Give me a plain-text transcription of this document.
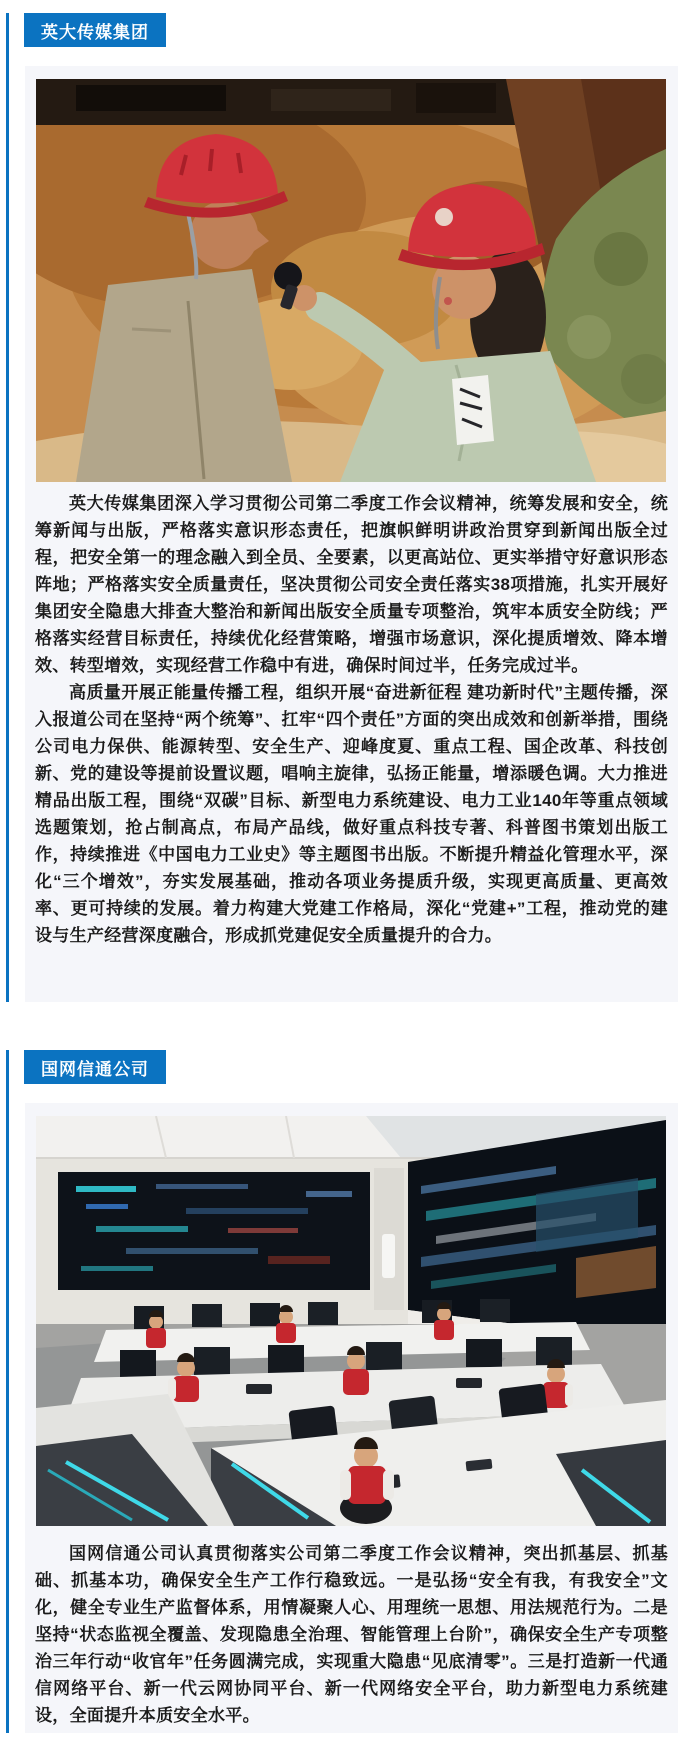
英大传媒集团

英大传媒集团深入学习贯彻公司第二季度工作会议精神，统筹发展和安全，统筹新闻与出版，严格落实意识形态责任，把旗帜鲜明讲政治贯穿到新闻出版全过程，把安全第一的理念融入到全员、全要素，以更高站位、更实举措守好意识形态阵地；严格落实安全质量责任，坚决贯彻公司安全责任落实38项措施，扎实开展好集团安全隐患大排查大整治和新闻出版安全质量专项整治，筑牢本质安全防线；严格落实经营目标责任，持续优化经营策略，增强市场意识，深化提质增效、降本增效、转型增效，实现经营工作稳中有进，确保时间过半，任务完成过半。

高质量开展正能量传播工程，组织开展“奋进新征程 建功新时代”主题传播，深入报道公司在坚持“两个统筹”、扛牢“四个责任”方面的突出成效和创新举措，围绕公司电力保供、能源转型、安全生产、迎峰度夏、重点工程、国企改革、科技创新、党的建设等提前设置议题，唱响主旋律，弘扬正能量，增添暖色调。大力推进精品出版工程，围绕“双碳”目标、新型电力系统建设、电力工业140年等重点领域选题策划，抢占制高点，布局产品线，做好重点科技专著、科普图书策划出版工作，持续推进《中国电力工业史》等主题图书出版。不断提升精益化管理水平，深化“三个增效”，夯实发展基础，推动各项业务提质升级，实现更高质量、更高效率、更可持续的发展。着力构建大党建工作格局，深化“党建+”工程，推动党的建设与生产经营深度融合，形成抓党建促安全质量提升的合力。

国网信通公司

国网信通公司认真贯彻落实公司第二季度工作会议精神，突出抓基层、抓基础、抓基本功，确保安全生产工作行稳致远。一是弘扬“安全有我，有我安全”文化，健全专业生产监督体系，用情凝聚人心、用理统一思想、用法规范行为。二是坚持“状态监视全覆盖、发现隐患全治理、智能管理上台阶”，确保安全生产专项整治三年行动“收官年”任务圆满完成，实现重大隐患“见底清零”。三是打造新一代通信网络平台、新一代云网协同平台、新一代网络安全平台，助力新型电力系统建设，全面提升本质安全水平。
